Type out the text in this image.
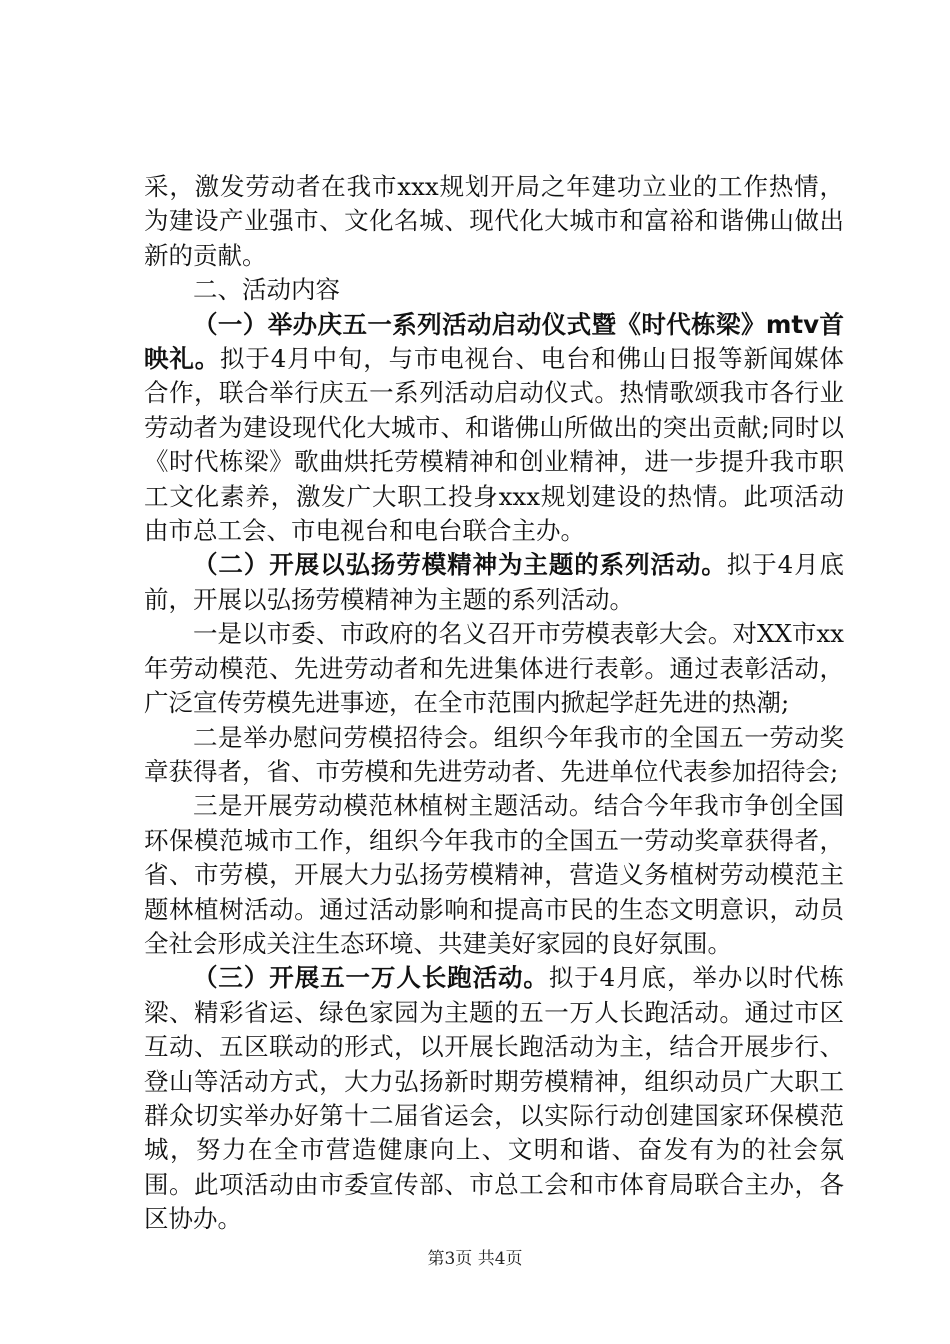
采，激发劳动者在我市xxx规划开局之年建功立业的工作热情，为建设产业强市、文化名城、现代化大城市和富裕和谐佛山做出新的贡献。

二、活动内容

（一）举办庆五一系列活动启动仪式暨《时代栋梁》mtv首映礼。拟于4月中旬，与市电视台、电台和佛山日报等新闻媒体合作，联合举行庆五一系列活动启动仪式。热情歌颂我市各行业劳动者为建设现代化大城市、和谐佛山所做出的突出贡献;同时以《时代栋梁》歌曲烘托劳模精神和创业精神，进一步提升我市职工文化素养，激发广大职工投身xxx规划建设的热情。此项活动由市总工会、市电视台和电台联合主办。

（二）开展以弘扬劳模精神为主题的系列活动。拟于4月底前，开展以弘扬劳模精神为主题的系列活动。

一是以市委、市政府的名义召开市劳模表彰大会。对XX市xx年劳动模范、先进劳动者和先进集体进行表彰。通过表彰活动，广泛宣传劳模先进事迹，在全市范围内掀起学赶先进的热潮;

二是举办慰问劳模招待会。组织今年我市的全国五一劳动奖章获得者，省、市劳模和先进劳动者、先进单位代表参加招待会;

三是开展劳动模范林植树主题活动。结合今年我市争创全国环保模范城市工作，组织今年我市的全国五一劳动奖章获得者，省、市劳模，开展大力弘扬劳模精神，营造义务植树劳动模范主题林植树活动。通过活动影响和提高市民的生态文明意识，动员全社会形成关注生态环境、共建美好家园的良好氛围。

（三）开展五一万人长跑活动。拟于4月底，举办以时代栋梁、精彩省运、绿色家园为主题的五一万人长跑活动。通过市区互动、五区联动的形式，以开展长跑活动为主，结合开展步行、登山等活动方式，大力弘扬新时期劳模精神，组织动员广大职工群众切实举办好第十二届省运会，以实际行动创建国家环保模范城，努力在全市营造健康向上、文明和谐、奋发有为的社会氛围。此项活动由市委宣传部、市总工会和市体育局联合主办，各区协办。

第3页 共4页
